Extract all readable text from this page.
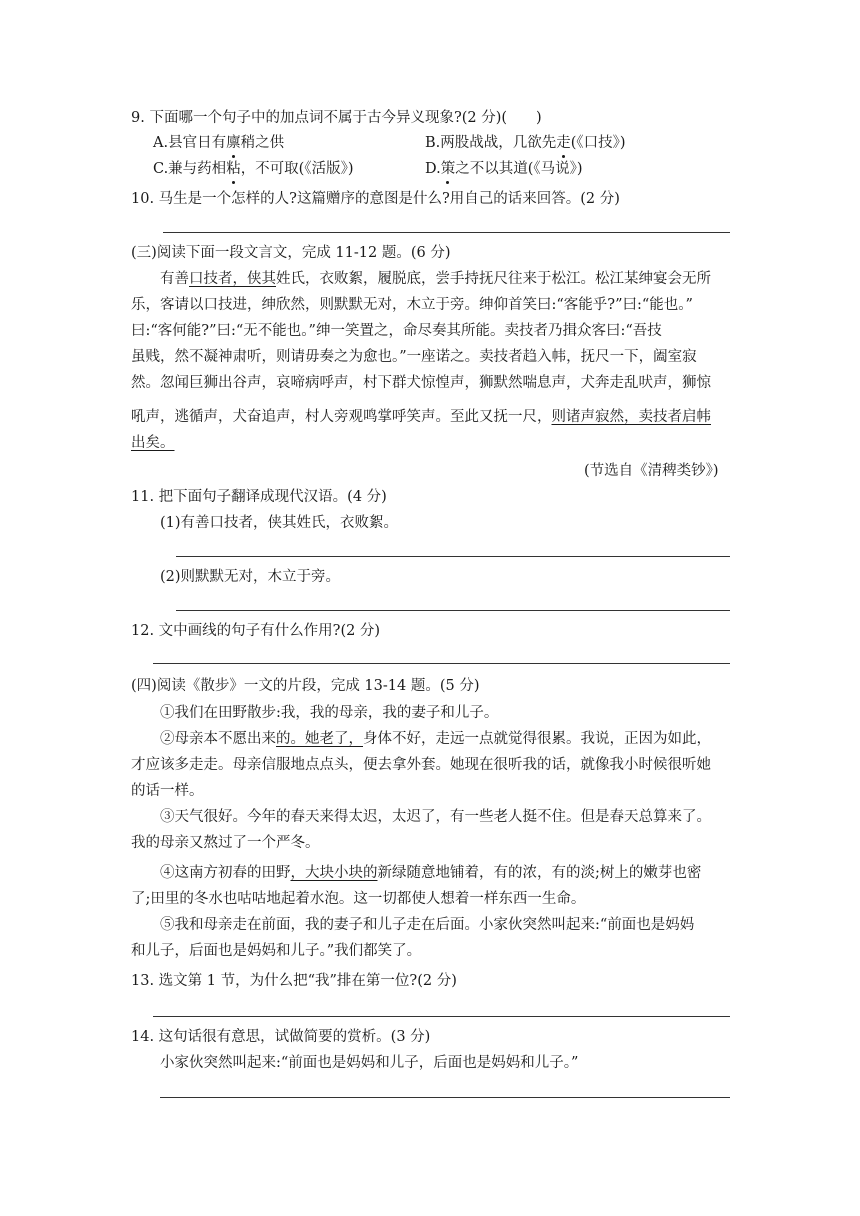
9. 下面哪一个句子中的加点词不属于古今异义现象?(2 分)(　　)
A.县官日有廪稍之供	B.两股战战，几欲先走(《口技》)
C.兼与药相粘，不可取(《活版》)	D.策之不以其道(《马说》)
10. 马生是一个怎样的人?这篇赠序的意图是什么?用自己的话来回答。(2 分)
(三)阅读下面一段文言文，完成 11-12 题。(6 分)
有善口技者，侠其姓氏，衣败絮，履脱底，尝手持抚尺往来于松江。松江某绅宴会无所
乐，客请以口技进，绅欣然，则默默无对，木立于旁。绅仰首笑曰:“客能乎?”曰:“能也。”
曰:“客何能?”曰:“无不能也。”绅一笑置之，命尽奏其所能。卖技者乃揖众客曰:“吾技
虽贱，然不凝神肃听，则请毋奏之为愈也。”一座诺之。卖技者趋入帏，抚尺一下，阖室寂
然。忽闻巨狮出谷声，哀啼病呼声，村下群犬惊惶声，狮默然喘息声，犬奔走乱吠声，狮惊
吼声，逃循声，犬奋追声，村人旁观鸣掌呼笑声。至此又抚一尺，则诸声寂然，卖技者启帏
出矣。
(节选自《清稗类钞》)
11. 把下面句子翻译成现代汉语。(4 分)
(1)有善口技者，侠其姓氏，衣败絮。
(2)则默默无对，木立于旁。
12. 文中画线的句子有什么作用?(2 分)
(四)阅读《散步》一文的片段，完成 13-14 题。(5 分)
①我们在田野散步:我，我的母亲，我的妻子和儿子。
②母亲本不愿出来的。她老了，身体不好，走远一点就觉得很累。我说，正因为如此，
才应该多走走。母亲信服地点点头，便去拿外套。她现在很听我的话，就像我小时候很听她
的话一样。
③天气很好。今年的春天来得太迟，太迟了，有一些老人挺不住。但是春天总算来了。
我的母亲又熬过了一个严冬。
④这南方初春的田野，大块小块的新绿随意地铺着，有的浓，有的淡;树上的嫩芽也密
了;田里的冬水也咕咕地起着水泡。这一切都使人想着一样东西一生命。
⑤我和母亲走在前面，我的妻子和儿子走在后面。小家伙突然叫起来:“前面也是妈妈
和儿子，后面也是妈妈和儿子。”我们都笑了。
13. 选文第 1 节，为什么把“我”排在第一位?(2 分)
14. 这句话很有意思，试做简要的赏析。(3 分)
小家伙突然叫起来:“前面也是妈妈和儿子，后面也是妈妈和儿子。”
